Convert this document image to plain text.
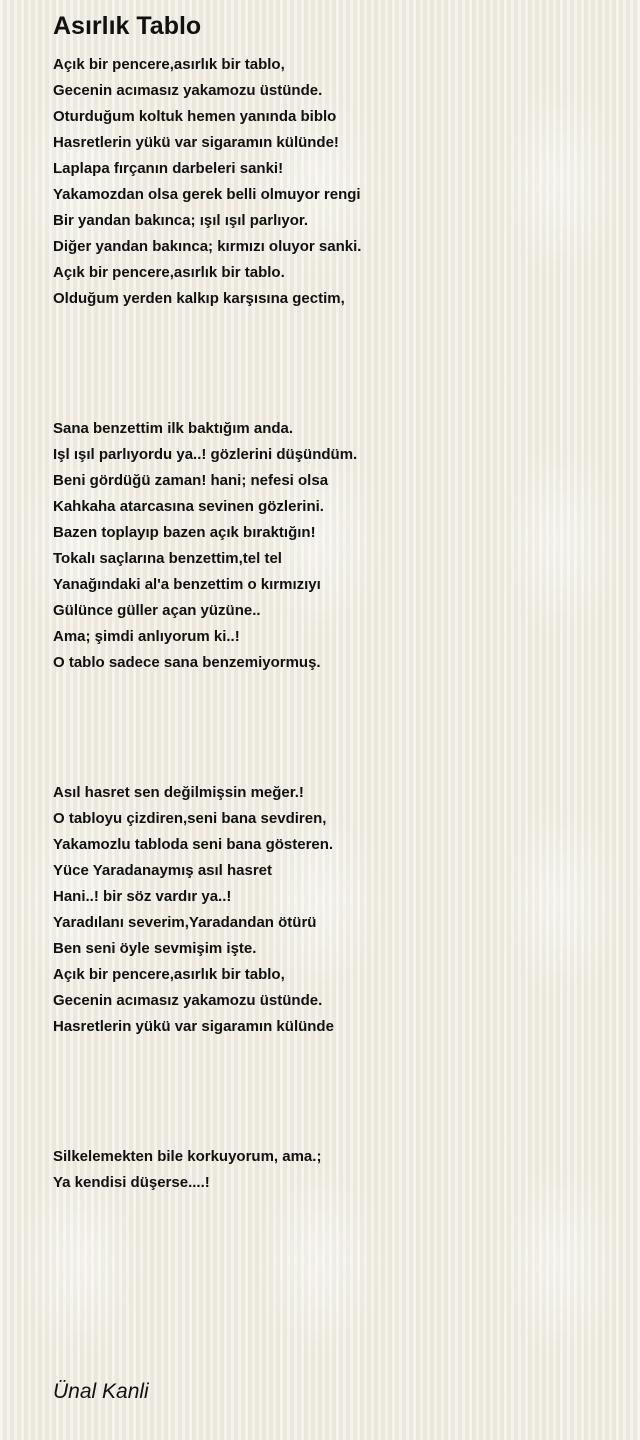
Asırlık Tablo
Açık bir pencere,asırlık bir tablo,
Gecenin acımasız yakamozu üstünde.
Oturduğum koltuk hemen yanında biblo
Hasretlerin yükü var sigaramın külünde!
Laplapa fırçanın darbeleri sanki!
Yakamozdan olsa gerek belli olmuyor rengi
Bir yandan bakınca; ışıl ışıl parlıyor.
Diğer yandan bakınca; kırmızı oluyor sanki.
Açık bir pencere,asırlık bir tablo.
Olduğum yerden kalkıp karşısına gectim,
Sana benzettim ilk baktığım anda.
Işl ışıl parlıyordu ya..! gözlerini düşündüm.
Beni gördüğü zaman! hani; nefesi olsa
Kahkaha atarcasına sevinen gözlerini.
Bazen toplayıp bazen açık bıraktığın!
Tokalı saçlarına benzettim,tel tel
Yanağındaki al'a benzettim o kırmızıyı
Gülünce güller açan yüzüne..
Ama; şimdi anlıyorum ki..!
O tablo sadece sana benzemiyormuş.
Asıl hasret sen değilmişsin meğer.!
O tabloyu çizdiren,seni bana sevdiren,
Yakamozlu tabloda seni bana gösteren.
Yüce Yaradanaymış asıl hasret
Hani..! bir söz vardır ya..!
Yaradılanı severim,Yaradandan ötürü
Ben seni öyle sevmişim işte.
Açık bir pencere,asırlık bir tablo,
Gecenin acımasız yakamozu üstünde.
Hasretlerin yükü var sigaramın külünde
Silkelemekten bile korkuyorum, ama.;
Ya kendisi düşerse....!
Ünal Kanli
